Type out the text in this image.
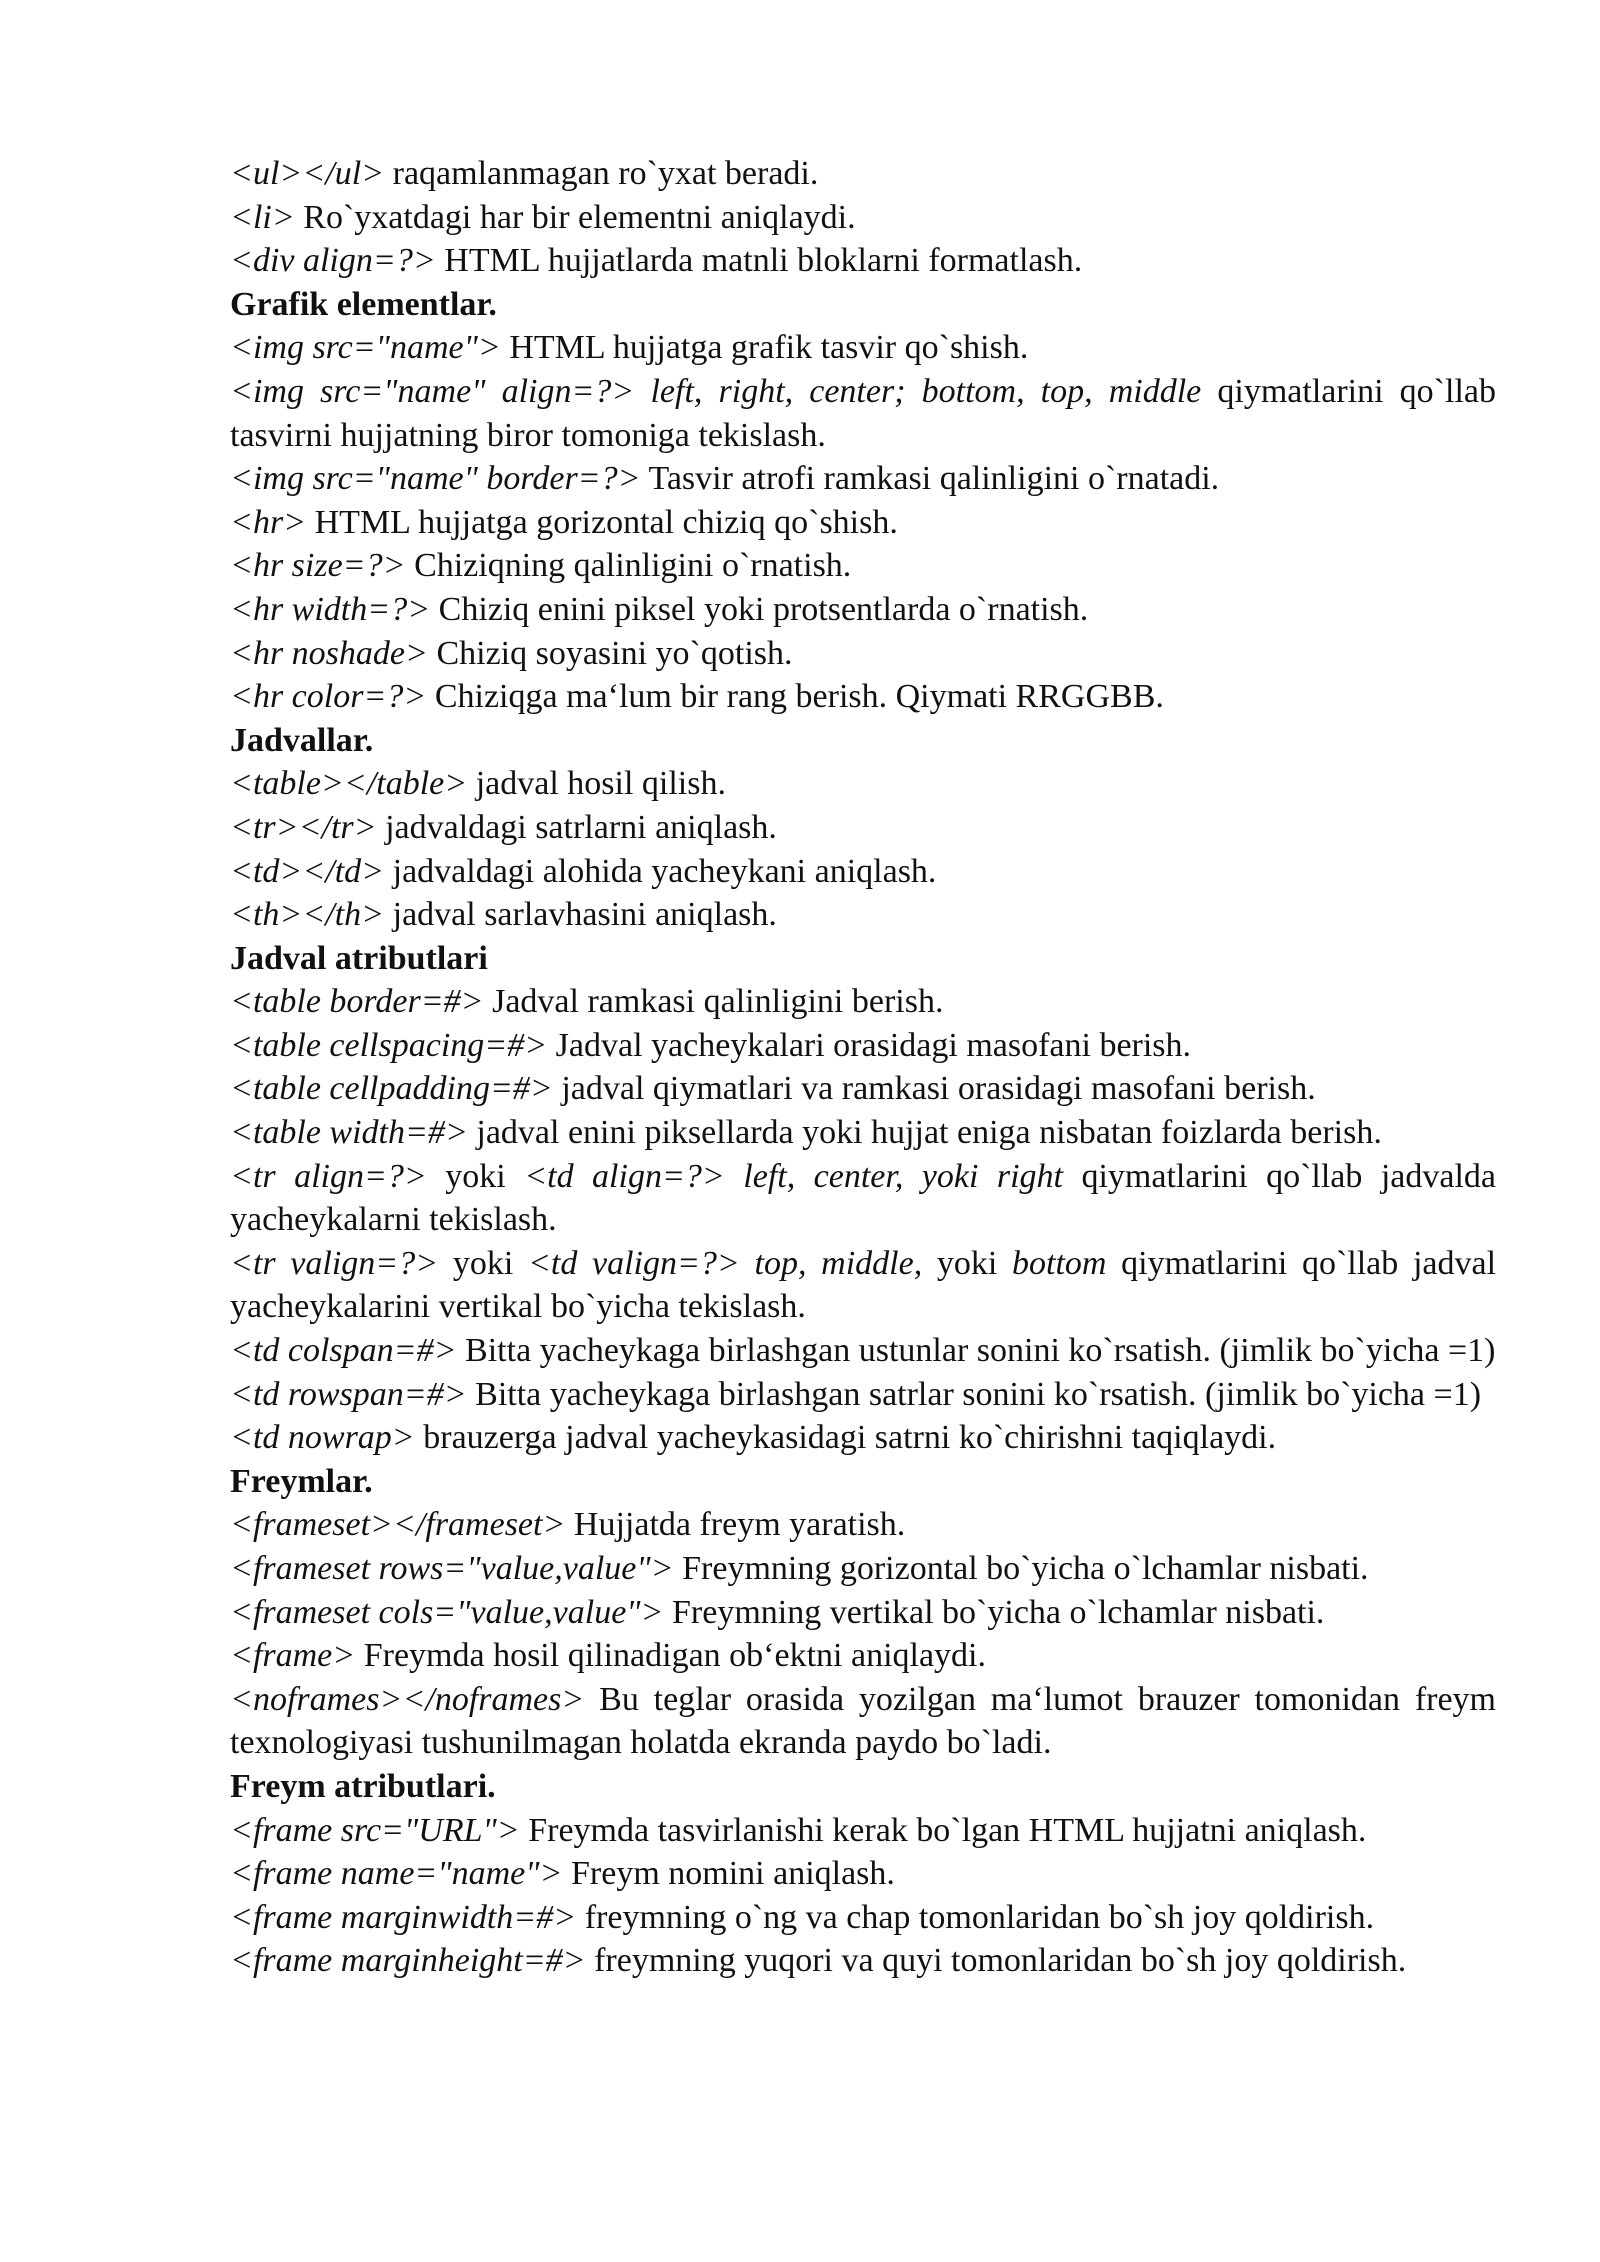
<ul></ul> raqamlanmagan ro`yxat beradi.

<li> Ro`yxatdagi har bir elementni aniqlaydi.

<div align=?> HTML hujjatlarda matnli bloklarni formatlash.

Grafik elementlar.

<img src="name"> HTML hujjatga grafik tasvir qo`shish.

<img src="name" align=?> left, right, center; bottom, top, middle qiymatlarini qo`llab tasvirni hujjatning biror tomoniga tekislash.

<img src="name" border=?> Tasvir atrofi ramkasi qalinligini o`rnatadi.

<hr> HTML hujjatga gorizontal chiziq qo`shish.

<hr size=?> Chiziqning qalinligini o`rnatish.

<hr width=?> Chiziq enini piksel yoki protsentlarda o`rnatish.

<hr noshade> Chiziq soyasini yo`qotish.

<hr color=?> Chiziqga ma‘lum bir rang berish. Qiymati RRGGBB.

Jadvallar.

<table></table> jadval hosil qilish.

<tr></tr> jadvaldagi satrlarni aniqlash.

<td></td> jadvaldagi alohida yacheykani aniqlash.

<th></th> jadval sarlavhasini aniqlash.

Jadval atributlari

<table border=#> Jadval ramkasi qalinligini berish.

<table cellspacing=#> Jadval yacheykalari orasidagi masofani berish.

<table cellpadding=#> jadval qiymatlari va ramkasi orasidagi masofani berish.

<table width=#> jadval enini piksellarda yoki hujjat eniga nisbatan foizlarda berish.

<tr align=?> yoki <td align=?> left, center, yoki right qiymatlarini qo`llab jadvalda yacheykalarni tekislash.

<tr valign=?> yoki <td valign=?> top, middle, yoki bottom qiymatlarini qo`llab jadval yacheykalarini vertikal bo`yicha tekislash.

<td colspan=#> Bitta yacheykaga birlashgan ustunlar sonini ko`rsatish. (jimlik bo`yicha =1)

<td rowspan=#> Bitta yacheykaga birlashgan satrlar sonini ko`rsatish. (jimlik bo`yicha =1)

<td nowrap> brauzerga jadval yacheykasidagi satrni ko`chirishni taqiqlaydi.

Freymlar.

<frameset></frameset> Hujjatda freym yaratish.

<frameset rows="value,value"> Freymning gorizontal bo`yicha o`lchamlar nisbati.

<frameset cols="value,value"> Freymning vertikal bo`yicha o`lchamlar nisbati.

<frame> Freymda hosil qilinadigan ob‘ektni aniqlaydi.

<noframes></noframes> Bu teglar orasida yozilgan ma‘lumot brauzer tomonidan freym texnologiyasi tushunilmagan holatda ekranda paydo bo`ladi.

Freym atributlari.

<frame src="URL"> Freymda tasvirlanishi kerak bo`lgan HTML hujjatni aniqlash.

<frame name="name"> Freym nomini aniqlash.

<frame marginwidth=#> freymning o`ng va chap tomonlaridan bo`sh joy qoldirish.

<frame marginheight=#> freymning yuqori va quyi tomonlaridan bo`sh joy qoldirish.
